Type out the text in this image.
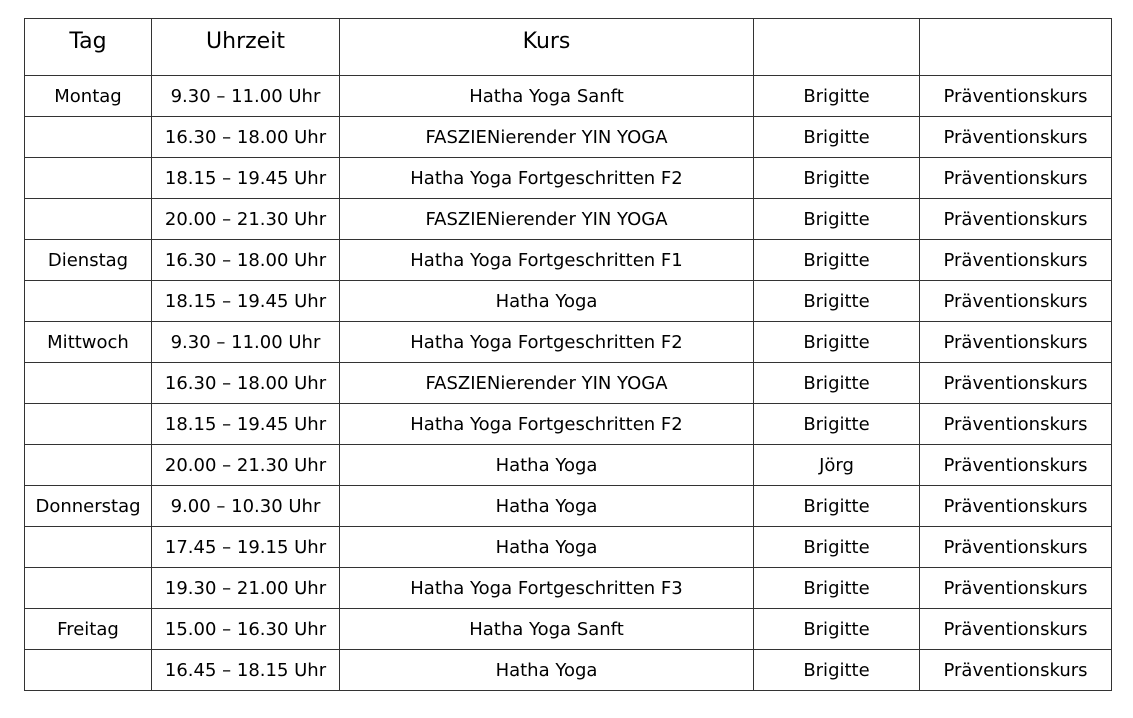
Tag	Uhrzeit	Kurs		
Montag	9.30 – 11.00 Uhr	Hatha Yoga Sanft	Brigitte	Präventionskurs
	16.30 – 18.00 Uhr	FASZIENierender YIN YOGA	Brigitte	Präventionskurs
	18.15 – 19.45 Uhr	Hatha Yoga Fortgeschritten F2	Brigitte	Präventionskurs
	20.00 – 21.30 Uhr	FASZIENierender YIN YOGA	Brigitte	Präventionskurs
Dienstag	16.30 – 18.00 Uhr	Hatha Yoga Fortgeschritten F1	Brigitte	Präventionskurs
	18.15 – 19.45 Uhr	Hatha Yoga	Brigitte	Präventionskurs
Mittwoch	9.30 – 11.00 Uhr	Hatha Yoga Fortgeschritten F2	Brigitte	Präventionskurs
	16.30 – 18.00 Uhr	FASZIENierender YIN YOGA	Brigitte	Präventionskurs
	18.15 – 19.45 Uhr	Hatha Yoga Fortgeschritten F2	Brigitte	Präventionskurs
	20.00 – 21.30 Uhr	Hatha Yoga	Jörg	Präventionskurs
Donnerstag	9.00 – 10.30 Uhr	Hatha Yoga	Brigitte	Präventionskurs
	17.45 – 19.15 Uhr	Hatha Yoga	Brigitte	Präventionskurs
	19.30 – 21.00 Uhr	Hatha Yoga Fortgeschritten F3	Brigitte	Präventionskurs
Freitag	15.00 – 16.30 Uhr	Hatha Yoga Sanft	Brigitte	Präventionskurs
	16.45 – 18.15 Uhr	Hatha Yoga	Brigitte	Präventionskurs
